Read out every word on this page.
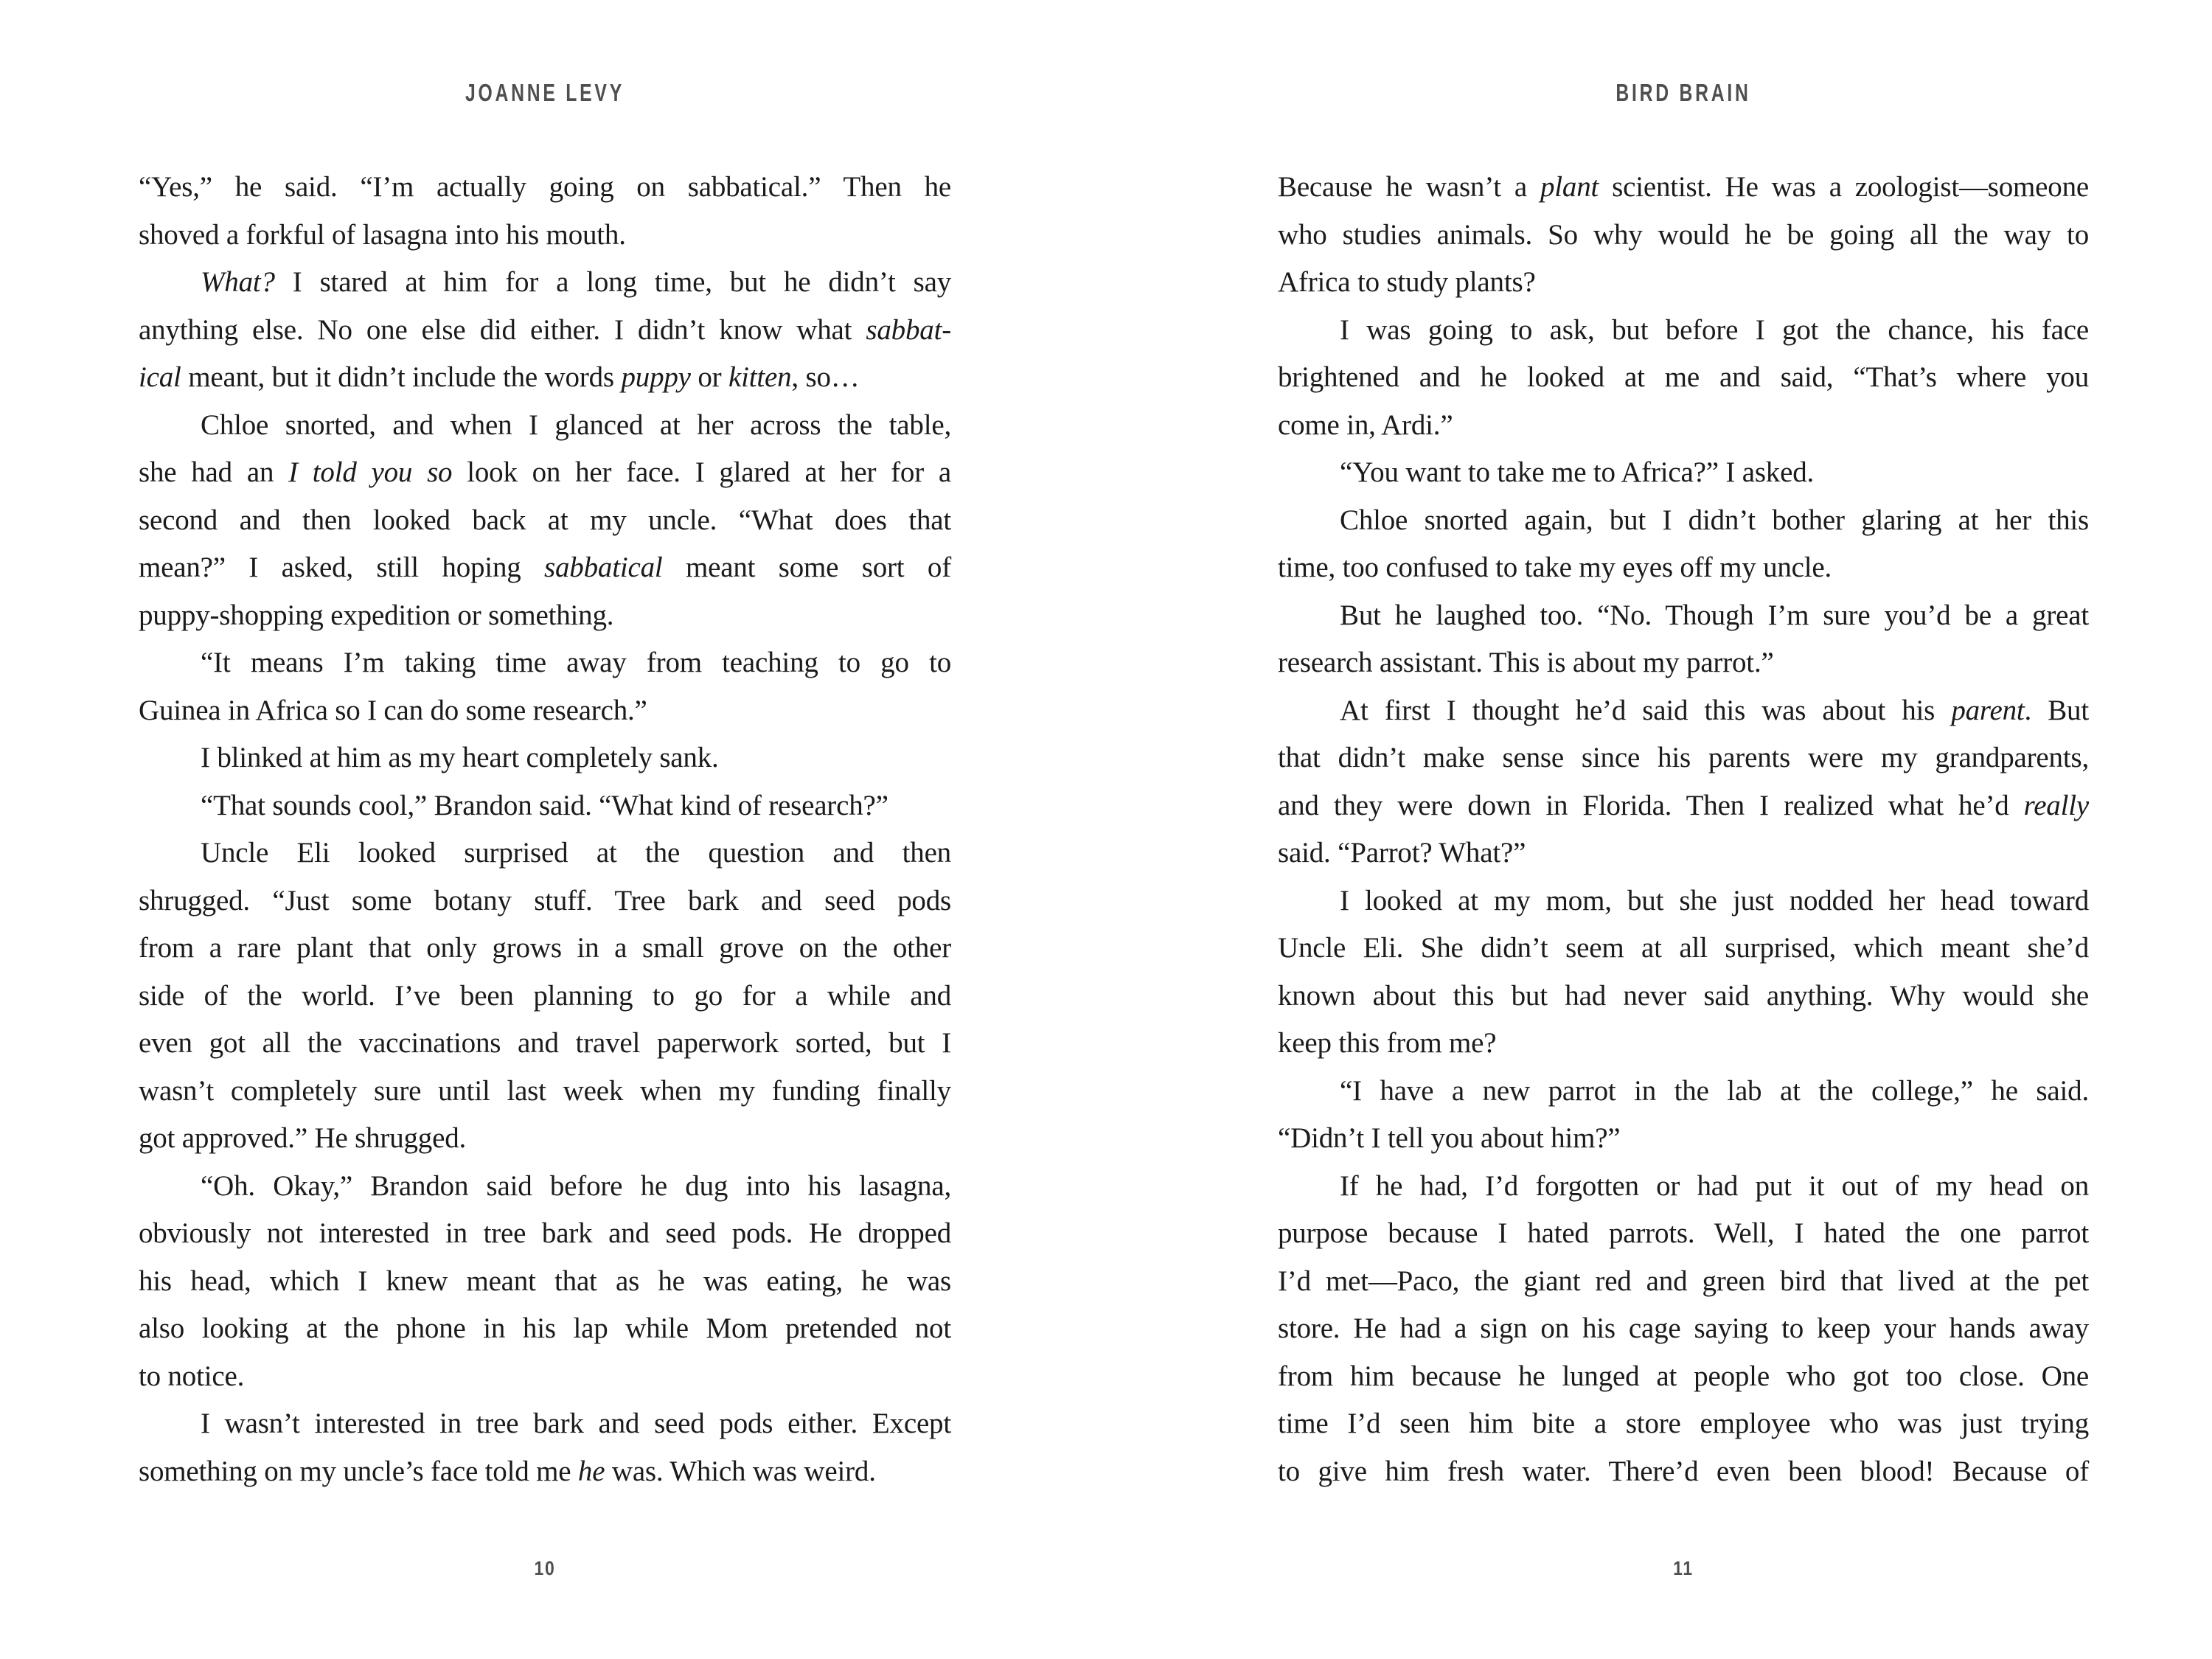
JOANNE LEVY
“Yes,” he said. “I’m actually going on sabbatical.” Then he
shoved a forkful of lasagna into his mouth.
What? I stared at him for a long time, but he didn’t say
anything else. No one else did either. I didn’t know what sabbat-
ical meant, but it didn’t include the words puppy or kitten, so…
Chloe snorted, and when I glanced at her across the table,
she had an I told you so look on her face. I glared at her for a
second and then looked back at my uncle. “What does that
mean?” I asked, still hoping sabbatical meant some sort of
puppy-shopping expedition or something.
“It means I’m taking time away from teaching to go to
Guinea in Africa so I can do some research.”
I blinked at him as my heart completely sank.
“That sounds cool,” Brandon said. “What kind of research?”
Uncle Eli looked surprised at the question and then
shrugged. “Just some botany stuff. Tree bark and seed pods
from a rare plant that only grows in a small grove on the other
side of the world. I’ve been planning to go for a while and
even got all the vaccinations and travel paperwork sorted, but I
wasn’t completely sure until last week when my funding finally
got approved.” He shrugged.
“Oh. Okay,” Brandon said before he dug into his lasagna,
obviously not interested in tree bark and seed pods. He dropped
his head, which I knew meant that as he was eating, he was
also looking at the phone in his lap while Mom pretended not
to notice.
I wasn’t interested in tree bark and seed pods either. Except
something on my uncle’s face told me he was. Which was weird.
10
BIRD BRAIN
Because he wasn’t a plant scientist. He was a zoologist—someone
who studies animals. So why would he be going all the way to
Africa to study plants?
I was going to ask, but before I got the chance, his face
brightened and he looked at me and said, “That’s where you
come in, Ardi.”
“You want to take me to Africa?” I asked.
Chloe snorted again, but I didn’t bother glaring at her this
time, too confused to take my eyes off my uncle.
But he laughed too. “No. Though I’m sure you’d be a great
research assistant. This is about my parrot.”
At first I thought he’d said this was about his parent. But
that didn’t make sense since his parents were my grandparents,
and they were down in Florida. Then I realized what he’d really
said. “Parrot? What?”
I looked at my mom, but she just nodded her head toward
Uncle Eli. She didn’t seem at all surprised, which meant she’d
known about this but had never said anything. Why would she
keep this from me?
“I have a new parrot in the lab at the college,” he said.
“Didn’t I tell you about him?”
If he had, I’d forgotten or had put it out of my head on
purpose because I hated parrots. Well, I hated the one parrot
I’d met—Paco, the giant red and green bird that lived at the pet
store. He had a sign on his cage saying to keep your hands away
from him because he lunged at people who got too close. One
time I’d seen him bite a store employee who was just trying
to give him fresh water. There’d even been blood! Because of
11
